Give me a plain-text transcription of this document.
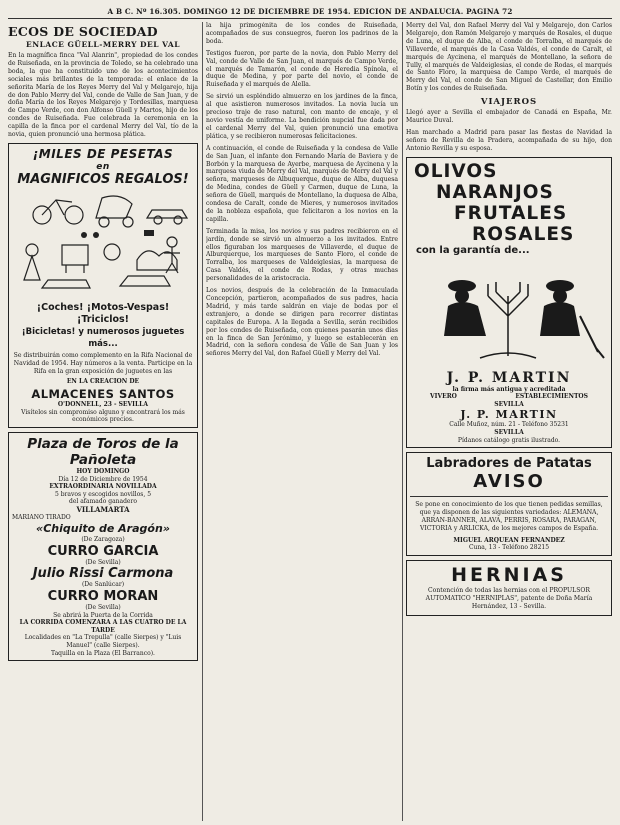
A B C. Nº 16.305. DOMINGO 12 DE DICIEMBRE DE 1954. EDICION DE ANDALUCIA. PAGINA 72
ECOS DE SOCIEDAD
ENLACE GÜELL-MERRY DEL VAL

En la magnífica finca "Val Alanrin", propiedad de los condes de Ruiseñada, en la provincia de Toledo, se ha celebrado una boda, la que ha constituido uno de los acontecimientos sociales más brillantes de la temporada: el enlace de la señorita María de los Reyes Merry del Val y Melgarejo, hija de don Pablo Merry del Val, conde de Valle de San Juan, y de doña María de los Reyes Melgarejo y Tordesillas, marquesa de Campo Verde, con don Alfonso Güell y Martos, hijo de los condes de Ruiseñada. Fue celebrada la ceremonia en la capilla de la finca por el cardenal Merry del Val, tío de la novia, quien pronunció una hermosa plática.

¡MILES DE PESETAS
en
MAGNIFICOS REGALOS!
¡Coches! ¡Motos-Vespas! ¡Triciclos!
¡Bicicletas! y numerosos juguetes más...

Se distribuirán como complemento en la Rifa Nacional de Navidad de 1954. Hay números a la venta. Participe en la Rifa en la gran exposición de juguetes en las

EN LA CREACION DE
ALMACENES SANTOS
O'DONNELL, 23 - SEVILLA
Visítelos sin compromiso alguno y encontrará los más económicos precios.
Plaza de Toros de la Pañoleta
HOY DOMINGO
Día 12 de Diciembre de 1954
EXTRAORDINARIA NOVILLADA
5 bravos y escogidos novillos, 5
del afamado ganadero
VILLAMARTA
MARIANO TIRADO
«Chiquito de Aragón»
(De Zaragoza)
CURRO GARCIA
(De Sevilla)
Julio Rissi Carmona
(De Sanlúcar)
CURRO MORAN
(De Sevilla)
Se abrirá la Puerta de la Corrida
LA CORRIDA COMENZARA A LAS CUATRO DE LA TARDE
Localidades en "La Trepulla" (calle Sierpes) y "Luis Manuel" (calle Sierpes).
Taquilla en la Plaza (El Barranco).

la hija primogénita de los condes de Ruiseñada, acompañados de sus consuegros, fueron los padrinos de la boda.

Testigos fueron, por parte de la novia, don Pablo Merry del Val, conde de Valle de San Juan, el marqués de Campo Verde, el marqués de Tamarón, el conde de Heredia Spínola, el duque de Medina, y por parte del novio, el conde de Ruiseñada y el marqués de Alella.

Se sirvió un espléndido almuerzo en los jardines de la finca, al que asistieron numerosos invitados. La novia lucía un precioso traje de raso natural, con manto de encaje, y el novio vestía de uniforme. La bendición nupcial fue dada por el cardenal Merry del Val, quien pronunció una emotiva plática, y se recibieron numerosas felicitaciones.

A continuación, el conde de Ruiseñada y la condesa de Valle de San Juan, el infante don Fernando María de Baviera y de Borbón y la marquesa de Ayerbe, marquesa de Aycinena y la marquesa viuda de Merry del Val, marqués de Merry del Val y señora, marqueses de Albuquerque, duque de Alba, duquesa de Medina, condes de Güell y Carmen, duque de Luna, la señora de Güell, marqués de Montellano, la duquesa de Alba, condesa de Caralt, conde de Mieres, y numerosos invitados de la nobleza española, que felicitaron a los novios en la capilla.

Terminada la misa, los novios y sus padres recibieron en el jardín, donde se sirvió un almuerzo a los invitados. Entre ellos figuraban los marqueses de Villaverde, el duque de Alburquerque, los marqueses de Santo Floro, el conde de Torralba, los marqueses de Valdeiglesias, la marquesa de Casa Valdés, el conde de Rodas, y otras muchas personalidades de la aristocracia.

Los novios, después de la celebración de la Inmaculada Concepción, partieron, acompañados de sus padres, hacia Madrid, y más tarde saldrán en viaje de bodas por el extranjero, a donde se dirigen para recorrer distintas capitales de Europa. A la llegada a Sevilla, serán recibidos por los condes de Ruiseñada, con quienes pasarán unos días en la finca de San Jerónimo, y luego se establecerán en Madrid, con la señora condesa de Valle de San Juan y los señores Merry del Val, don Rafael Güell y Merry del Val.

Merry del Val, don Rafael Merry del Val y Melgarejo, don Carlos Melgarejo, don Ramón Melgarejo y marqués de Rosales, el duque de Luna, el duque de Alba, el conde de Torralba, el marqués de Villaverde, el marqués de la Casa Valdés, el conde de Caralt, el marqués de Aycinena, el marqués de Montellano, la señora de Tully, el marqués de Valdeiglesias, el conde de Rodas, el marqués de Santo Floro, la marquesa de Campo Verde, el marqués de Merry del Val, el conde de San Miguel de Castellar, don Emilio Botín y los condes de Ruiseñada.

VIAJEROS

Llegó ayer a Sevilla el embajador de Canadá en España, Mr. Maurice Duval.

Han marchado a Madrid para pasar las fiestas de Navidad la señora de Revilla de la Pradera, acompañada de su hijo, don Antonio Revilla y su esposa.

OLIVOS
NARANJOS
FRUTALES
ROSALES
con la garantía de...
J. P. MARTIN
la firma más antigua y acreditada
VIVERO	ESTABLECIMIENTOS
SEVILLA
J. P. MARTIN
Calle Muñoz, núm. 21 - Teléfono 35231
SEVILLA
Pídanos catálogo gratis ilustrado.
Labradores de Patatas
AVISO

Se pone en conocimiento de los que tienen pedidas semillas, que ya disponen de las siguientes variedades: ALEMANA, ARRAN-BANNER, ALAVA, PERRIS, ROSARA, PARAGAN, VICTORIA y ARLICKA, de los mejores campos de España.

MIGUEL ARQUEAN FERNANDEZ
Cuna, 13 - Teléfono 28215
HERNIAS

Contención de todas las hernias con el PROPULSOR AUTOMATICO "HERNIPLAS", patente de Doña María Hernández, 13 - Sevilla.
